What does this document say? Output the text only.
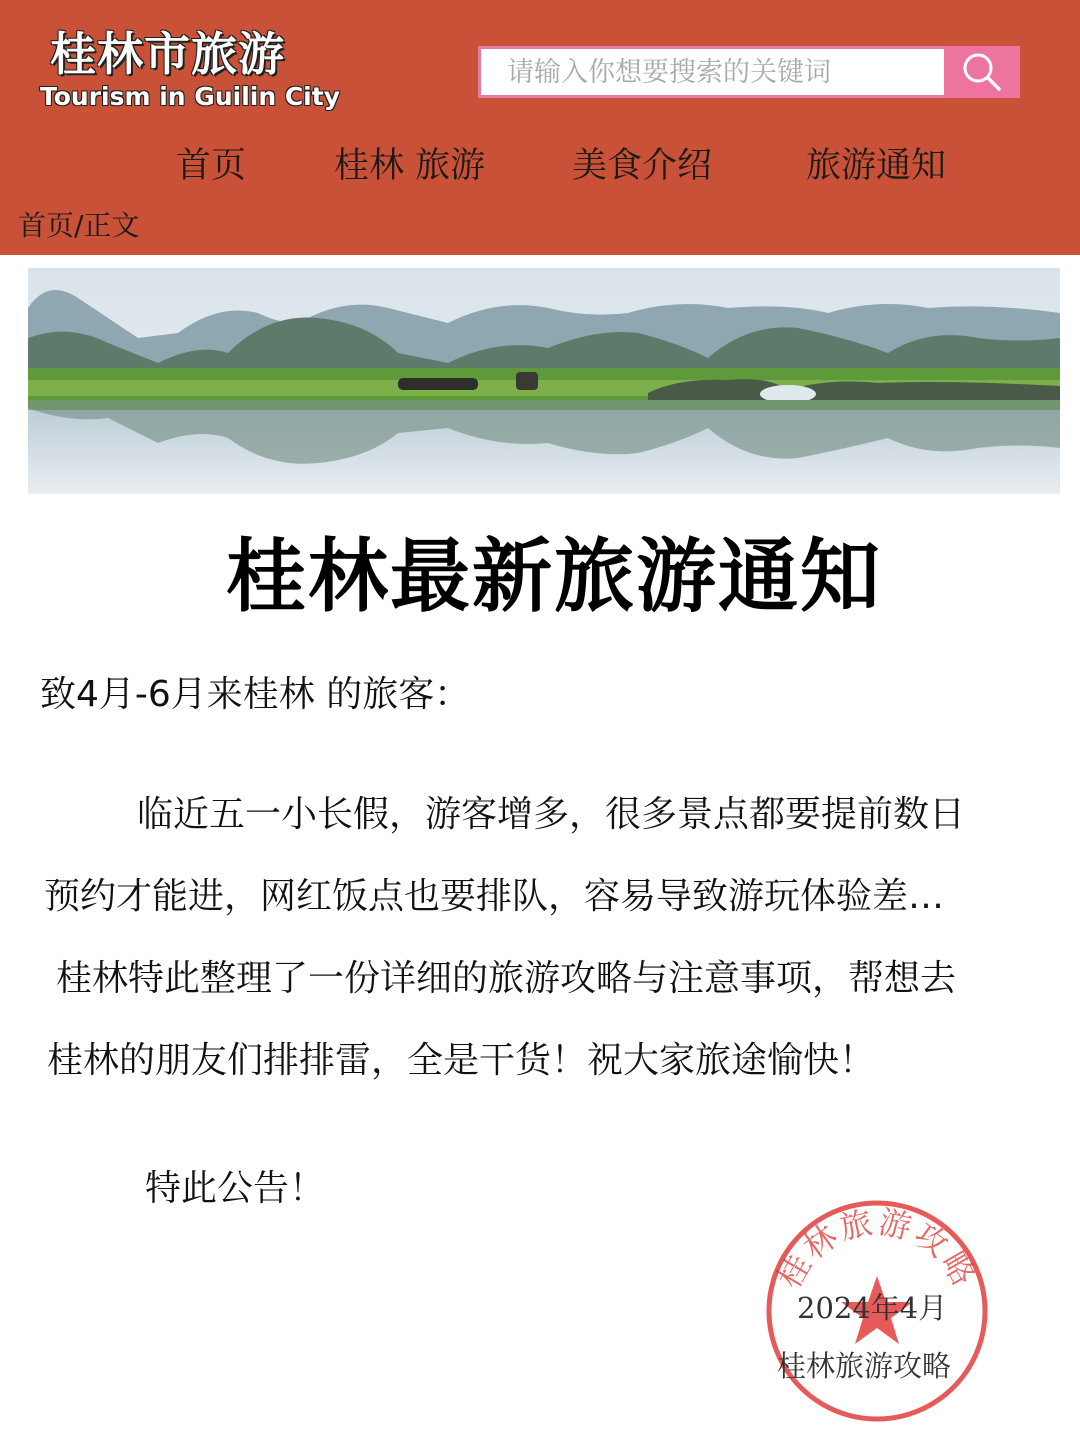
桂林市旅游
Tourism in Guilin City
请输入你想要搜索的关键词
首页	桂林 旅游 美食介绍	旅游通知
首页/正文
桂林最新旅游通知

致4月-6月来桂林 的旅客：

临近五一小长假，游客增多，很多景点都要提前数日

预约才能进，网红饭点也要排队，容易导致游玩体验差…

桂林特此整理了一份详细的旅游攻略与注意事项，帮想去

桂林的朋友们排排雷，全是干货！祝大家旅途愉快！

特此公告！

桂林旅游攻略
2024年4月
桂林旅游攻略
